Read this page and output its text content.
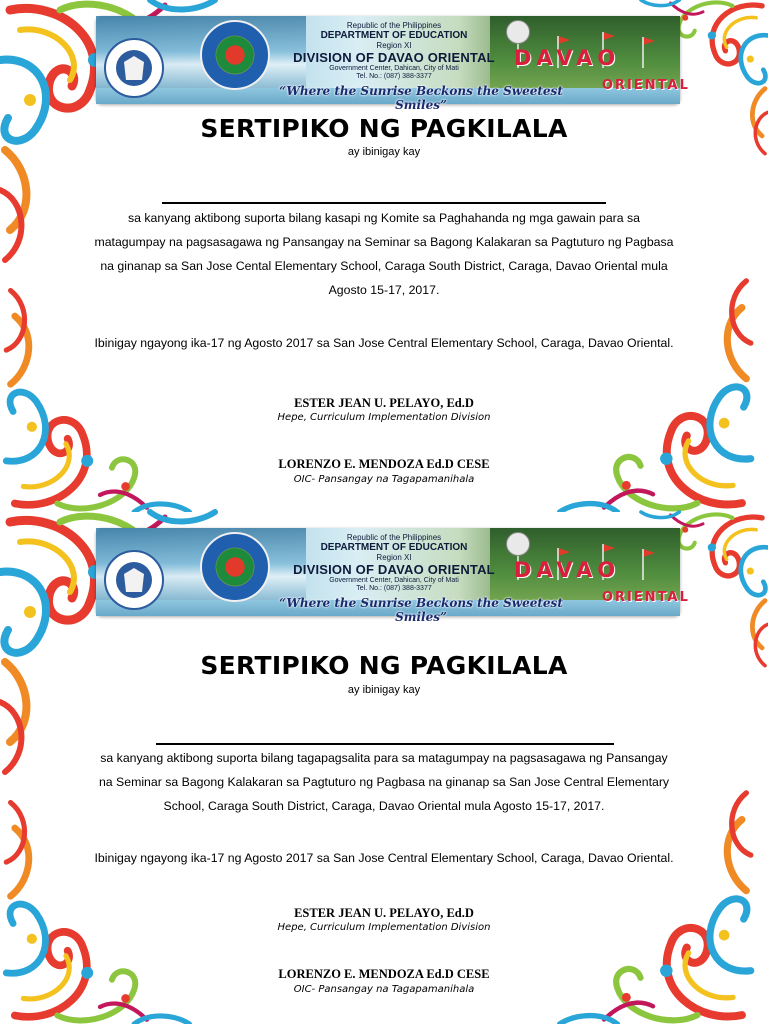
Republic of the Philippines
DEPARTMENT OF EDUCATION
Region XI
DIVISION OF DAVAO ORIENTAL
Government Center, Dahican, City of Mati
Tel. No.: (087) 388-3377
DAVAO
ORIENTAL
“Where the Sunrise Beckons the Sweetest Smiles”
SERTIPIKO NG PAGKILALA
ay ibinigay kay
sa kanyang aktibong suporta bilang kasapi ng Komite sa Paghahanda ng mga gawain para sa
matagumpay na pagsasagawa ng Pansangay na Seminar sa Bagong Kalakaran sa Pagtuturo ng Pagbasa
na ginanap sa San Jose Cental Elementary School, Caraga South District, Caraga, Davao Oriental mula
Agosto 15-17, 2017.
Ibinigay ngayong ika-17 ng Agosto 2017 sa San Jose Central Elementary School, Caraga, Davao Oriental.
ESTER JEAN U. PELAYO, Ed.D
Hepe, Curriculum Implementation Division
LORENZO E. MENDOZA Ed.D CESE
OIC- Pansangay na Tagapamanihala
Republic of the Philippines
DEPARTMENT OF EDUCATION
Region XI
DIVISION OF DAVAO ORIENTAL
Government Center, Dahican, City of Mati
Tel. No.: (087) 388-3377
DAVAO
ORIENTAL
“Where the Sunrise Beckons the Sweetest Smiles”
SERTIPIKO NG PAGKILALA
ay ibinigay kay
sa kanyang aktibong suporta bilang tagapagsalita para sa matagumpay na pagsasagawa ng Pansangay
na Seminar sa Bagong Kalakaran sa Pagtuturo ng Pagbasa na ginanap sa San Jose Central Elementary
School, Caraga South District, Caraga, Davao Oriental mula Agosto 15-17, 2017.
Ibinigay ngayong ika-17 ng Agosto 2017 sa San Jose Central Elementary School, Caraga, Davao Oriental.
ESTER JEAN U. PELAYO, Ed.D
Hepe, Curriculum Implementation Division
LORENZO E. MENDOZA Ed.D CESE
OIC- Pansangay na Tagapamanihala
